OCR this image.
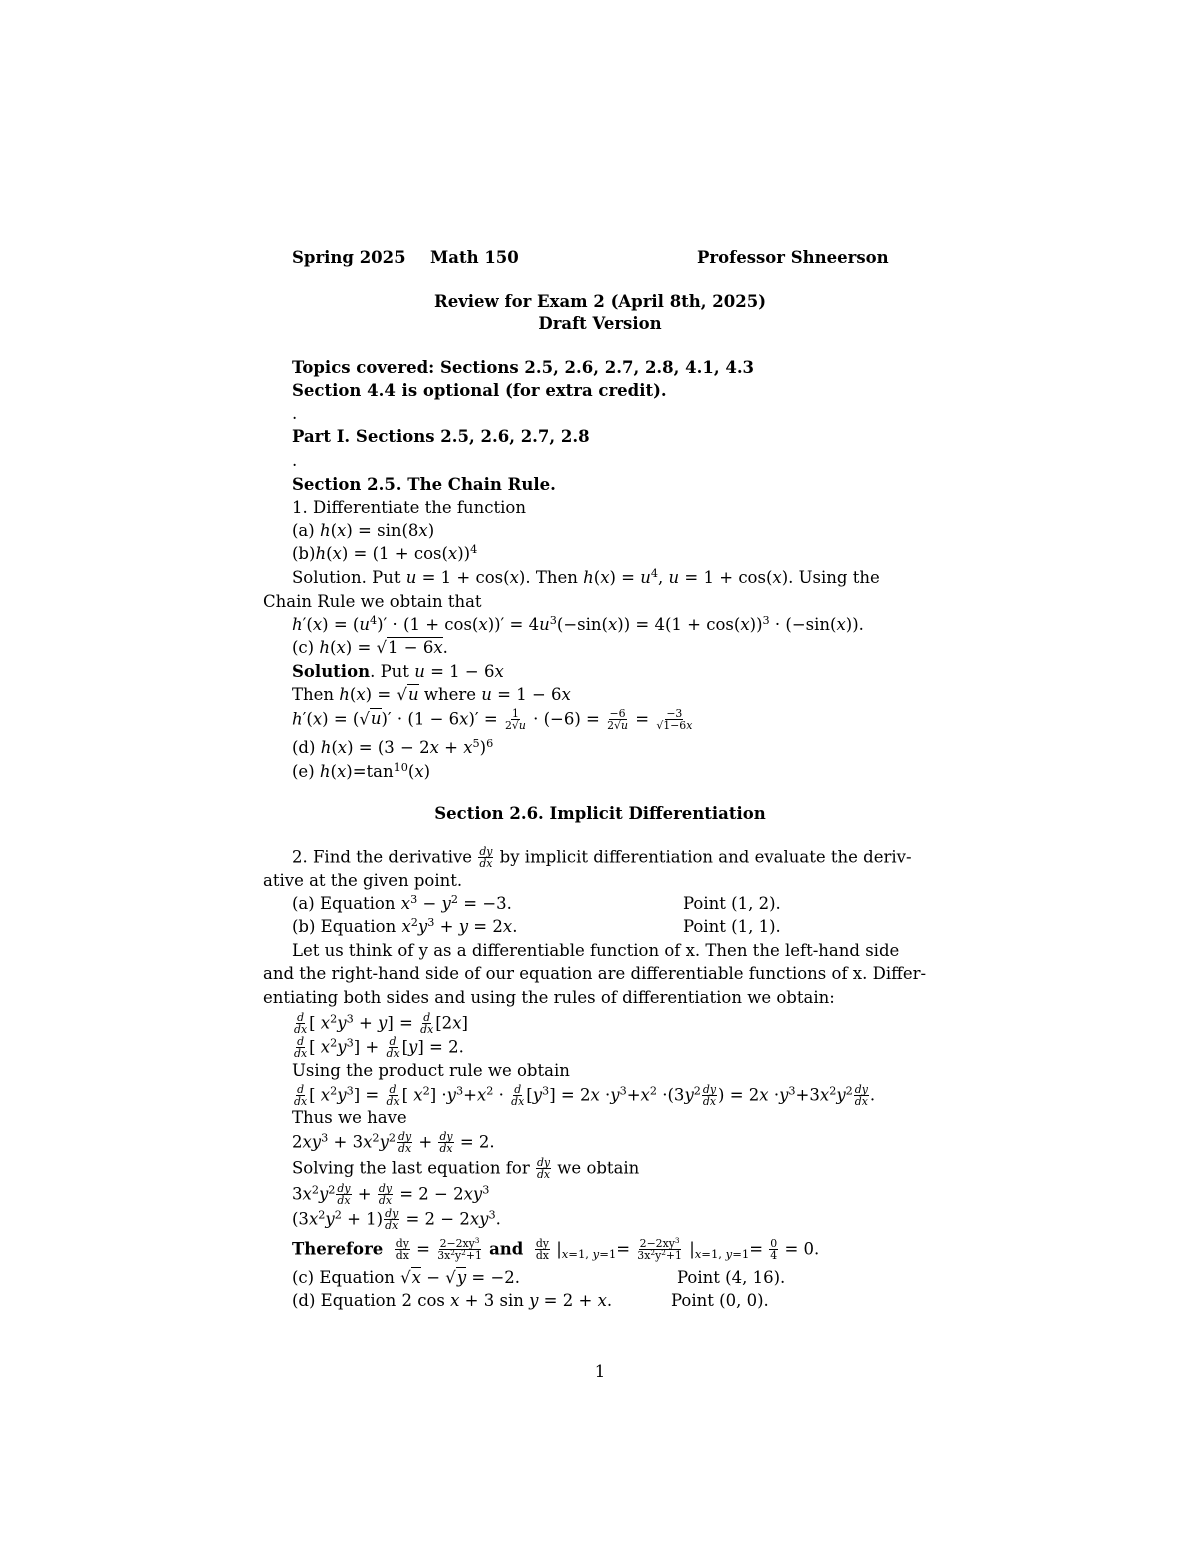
Spring 2025 Math 150	Professor Shneerson
Review for Exam 2 (April 8th, 2025)
Draft Version
Topics covered: Sections 2.5, 2.6, 2.7, 2.8, 4.1, 4.3
Section 4.4 is optional (for extra credit).
.
Part I. Sections 2.5, 2.6, 2.7, 2.8
.
Section 2.5. The Chain Rule.
1. Differentiate the function
(a) h(x) = sin(8x)
$(b)h(x) = (1 + \cos(x))^4$
Solution. Put u = 1 + cos(x). Then $h(x) = u^4$, u = 1 + cos(x). Using the
Chain Rule we obtain that
$h'(x) = (u^4)' \cdot (1 + \cos(x))' = 4u^3(-\sin(x)) = 4(1 + \cos(x))^3 \cdot (-\sin(x))$.
(c) h(x) = √1 − 6x.
Solution. Put u = 1 − 6x
Then h(x) = √u where u = 1 − 6x
$h'(x) = (√u)' \cdot (1 - 6x)' = \frac{1}{2√u} \cdot (-6) = \frac{-6}{2√u} = \frac{-3}{√1-6x}$
(d) $h(x) = (3 - 2x + x^5)^6$
(e) $h(x)=\tan^{10}(x)$
Section 2.6. Implicit Differentiation
2. Find the derivative $\frac{dy}{dx}$ by implicit differentiation and evaluate the deriv-
ative at the given point.
(a) Equation $x^3 - y^2 = -3$.	Point (1, 2).
(b) Equation $x^2y^3 + y = 2x$.	Point (1, 1).
Let us think of y as a differentiable function of x. Then the left-hand side
and the right-hand side of our equation are differentiable functions of x. Differ-
entiating both sides and using the rules of differentiation we obtain:
$\frac{d}{dx}$ [ $x^2y^3 + y] = \frac{d}{dx} [2x]$
$\frac{d}{dx}$ [ $x^2y^3] + \frac{d}{dx} [y] = 2$.
Using the product rule we obtain
$\frac{d}{dx}$ [ $x^2y^3] = \frac{d}{dx}$ [ $x^2] \cdot y^3+x^2 \cdot \frac{d}{dx} [y^3] = 2x \cdot y^3+x^2 \cdot(3y^2 \frac{dy}{dx}$ ) = $2x \cdot y^3+3x^2y^2 \frac{dy}{dx}$ .
Thus we have
$2xy^3 + 3x^2y^2 \frac{dy}{dx} + \frac{dy}{dx} = 2$.
Solving the last equation for $\frac{dy}{dx}$ we obtain
$3x^2y^2 \frac{dy}{dx} + \frac{dy}{dx} = 2 - 2xy^3$
$(3x^2y^2 + 1) \frac{dy}{dx} = 2 - 2xy^3$.
Therefore $\frac{dy}{dx} = \frac{2-2xy^3}{3x^2y^2+1}$ and $\frac{dy}{dx} |_{x=1, y=1}= \frac{2-2xy^3}{3x^2y^2+1} |_{x=1, y=1}= \frac{0}{4} = 0$.
(c) Equation √x − √y = −2.	Point (4, 16).
(d) Equation 2 cos x + 3 sin y = 2 + x.	Point (0, 0).
1
